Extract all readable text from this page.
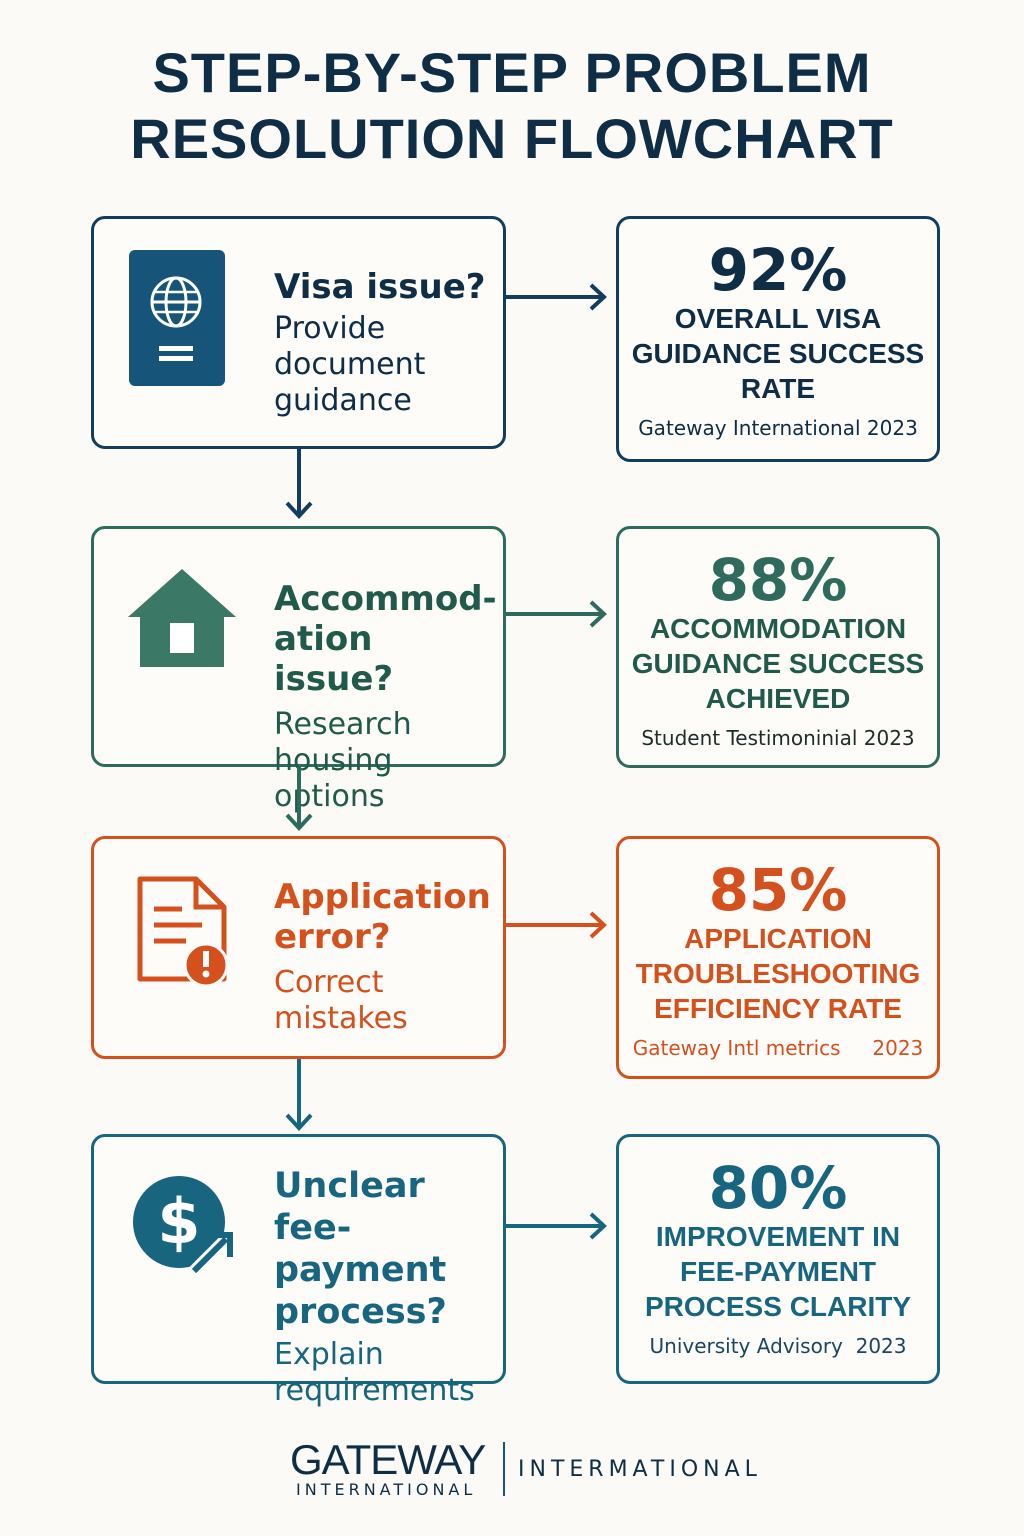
STEP-BY-STEP PROBLEM
RESOLUTION FLOWCHART
Visa issue?
Provide document guidance
92%
OVERALL VISA GUIDANCE SUCCESS RATE
Gateway International 2023
Accommod-ation issue?
Research housing options
88%
ACCOMMODATION GUIDANCE SUCCESS ACHIEVED
Student Testimoninial 2023
Application error?
Correct mistakes
85%
APPLICATION TROUBLESHOOTING EFFICIENCY RATE
Gateway Intl metrics     2023
$ Unclear fee-payment process?
Explain requirements
80%
IMPROVEMENT IN FEE-PAYMENT PROCESS CLARITY
University Advisory  2023
GATEWAY
INTERNATIONAL
INTERMATIONAL
